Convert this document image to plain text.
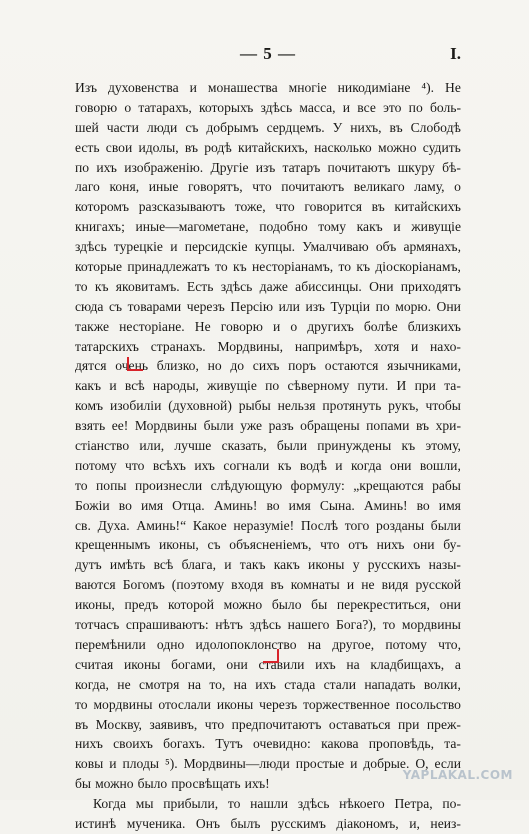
— 5 —	I.
Изъ духовенства и монашества многіе никодимiане ⁴). Не
говорю о татарахъ, которыхъ здѣсь масса, и все это по боль-
шей части люди съ добрымъ сердцемъ. У нихъ, въ Слободѣ
есть свои идолы, въ родѣ китайскихъ, насколько можно судить
по ихъ изображенiю. Другіе изъ татаръ почитаютъ шкуру бѣ-
лаго коня, иные говорятъ, что почитаютъ великаго ламу, о
которомъ разсказываютъ тоже, что говорится въ китайскихъ
книгахъ; иные—магометане, подобно тому какъ и живущіе
здѣсь турецкіе и персидскіе купцы. Умалчиваю объ армянахъ,
которые принадлежатъ то къ несторіанамъ, то къ діоскоріанамъ,
то къ яковитамъ. Есть здѣсь даже абиссинцы. Они приходятъ
сюда съ товарами черезъ Персію или изъ Турціи по морю. Они
также несторiане. Не говорю и о другихъ болѣе близкихъ
татарскихъ странахъ. Мордвины, напримѣръ, хотя и нахо-
дятся очень близко, но до сихъ поръ остаются язычниками,
какъ и всѣ народы, живущіе по сѣверному пути. И при та-
комъ изобиліи (духовной) рыбы нельзя протянуть рукъ, чтобы
взять ее! Мордвины были уже разъ обращены попами въ хри-
стіанство или, лучше сказать, были принуждены къ этому,
потому что всѣхъ ихъ согнали къ водѣ и когда они вошли,
то попы произнесли слѣдующую формулу: „крещаются рабы
Божіи во имя Отца. Аминь! во имя Сына. Аминь! во имя
св. Духа. Аминь!“ Какое неразуміе! Послѣ того розданы были
крещеннымъ иконы, съ объясненіемъ, что отъ нихъ они бу-
дутъ имѣть всѣ блага, и такъ какъ иконы у русскихъ назы-
ваются Богомъ (поэтому входя въ комнаты и не видя русской
иконы, предъ которой можно было бы перекреститься, они
тотчасъ спрашиваютъ: нѣтъ здѣсь нашего Бога?), то мордвины
перемѣнили одно идолопоклонство на другое, потому что,
считая иконы богами, они ставили ихъ на кладбищахъ, а
когда, не смотря на то, на ихъ стада стали нападать волки,
то мордвины отослали иконы черезъ торжественное посольство
въ Москву, заявивъ, что предпочитаютъ оставаться при преж-
нихъ своихъ богахъ. Тутъ очевидно: какова проповѣдь, та-
ковы и плоды ⁵). Мордвины—люди простые и добрые. О, если
бы можно было просвѣщать ихъ!
Когда мы прибыли, то нашли здѣсь нѣкоего Петра, по-
истинѣ мученика. Онъ былъ русскимъ діакономъ, и, неиз-
YAPLAKAL.COM
